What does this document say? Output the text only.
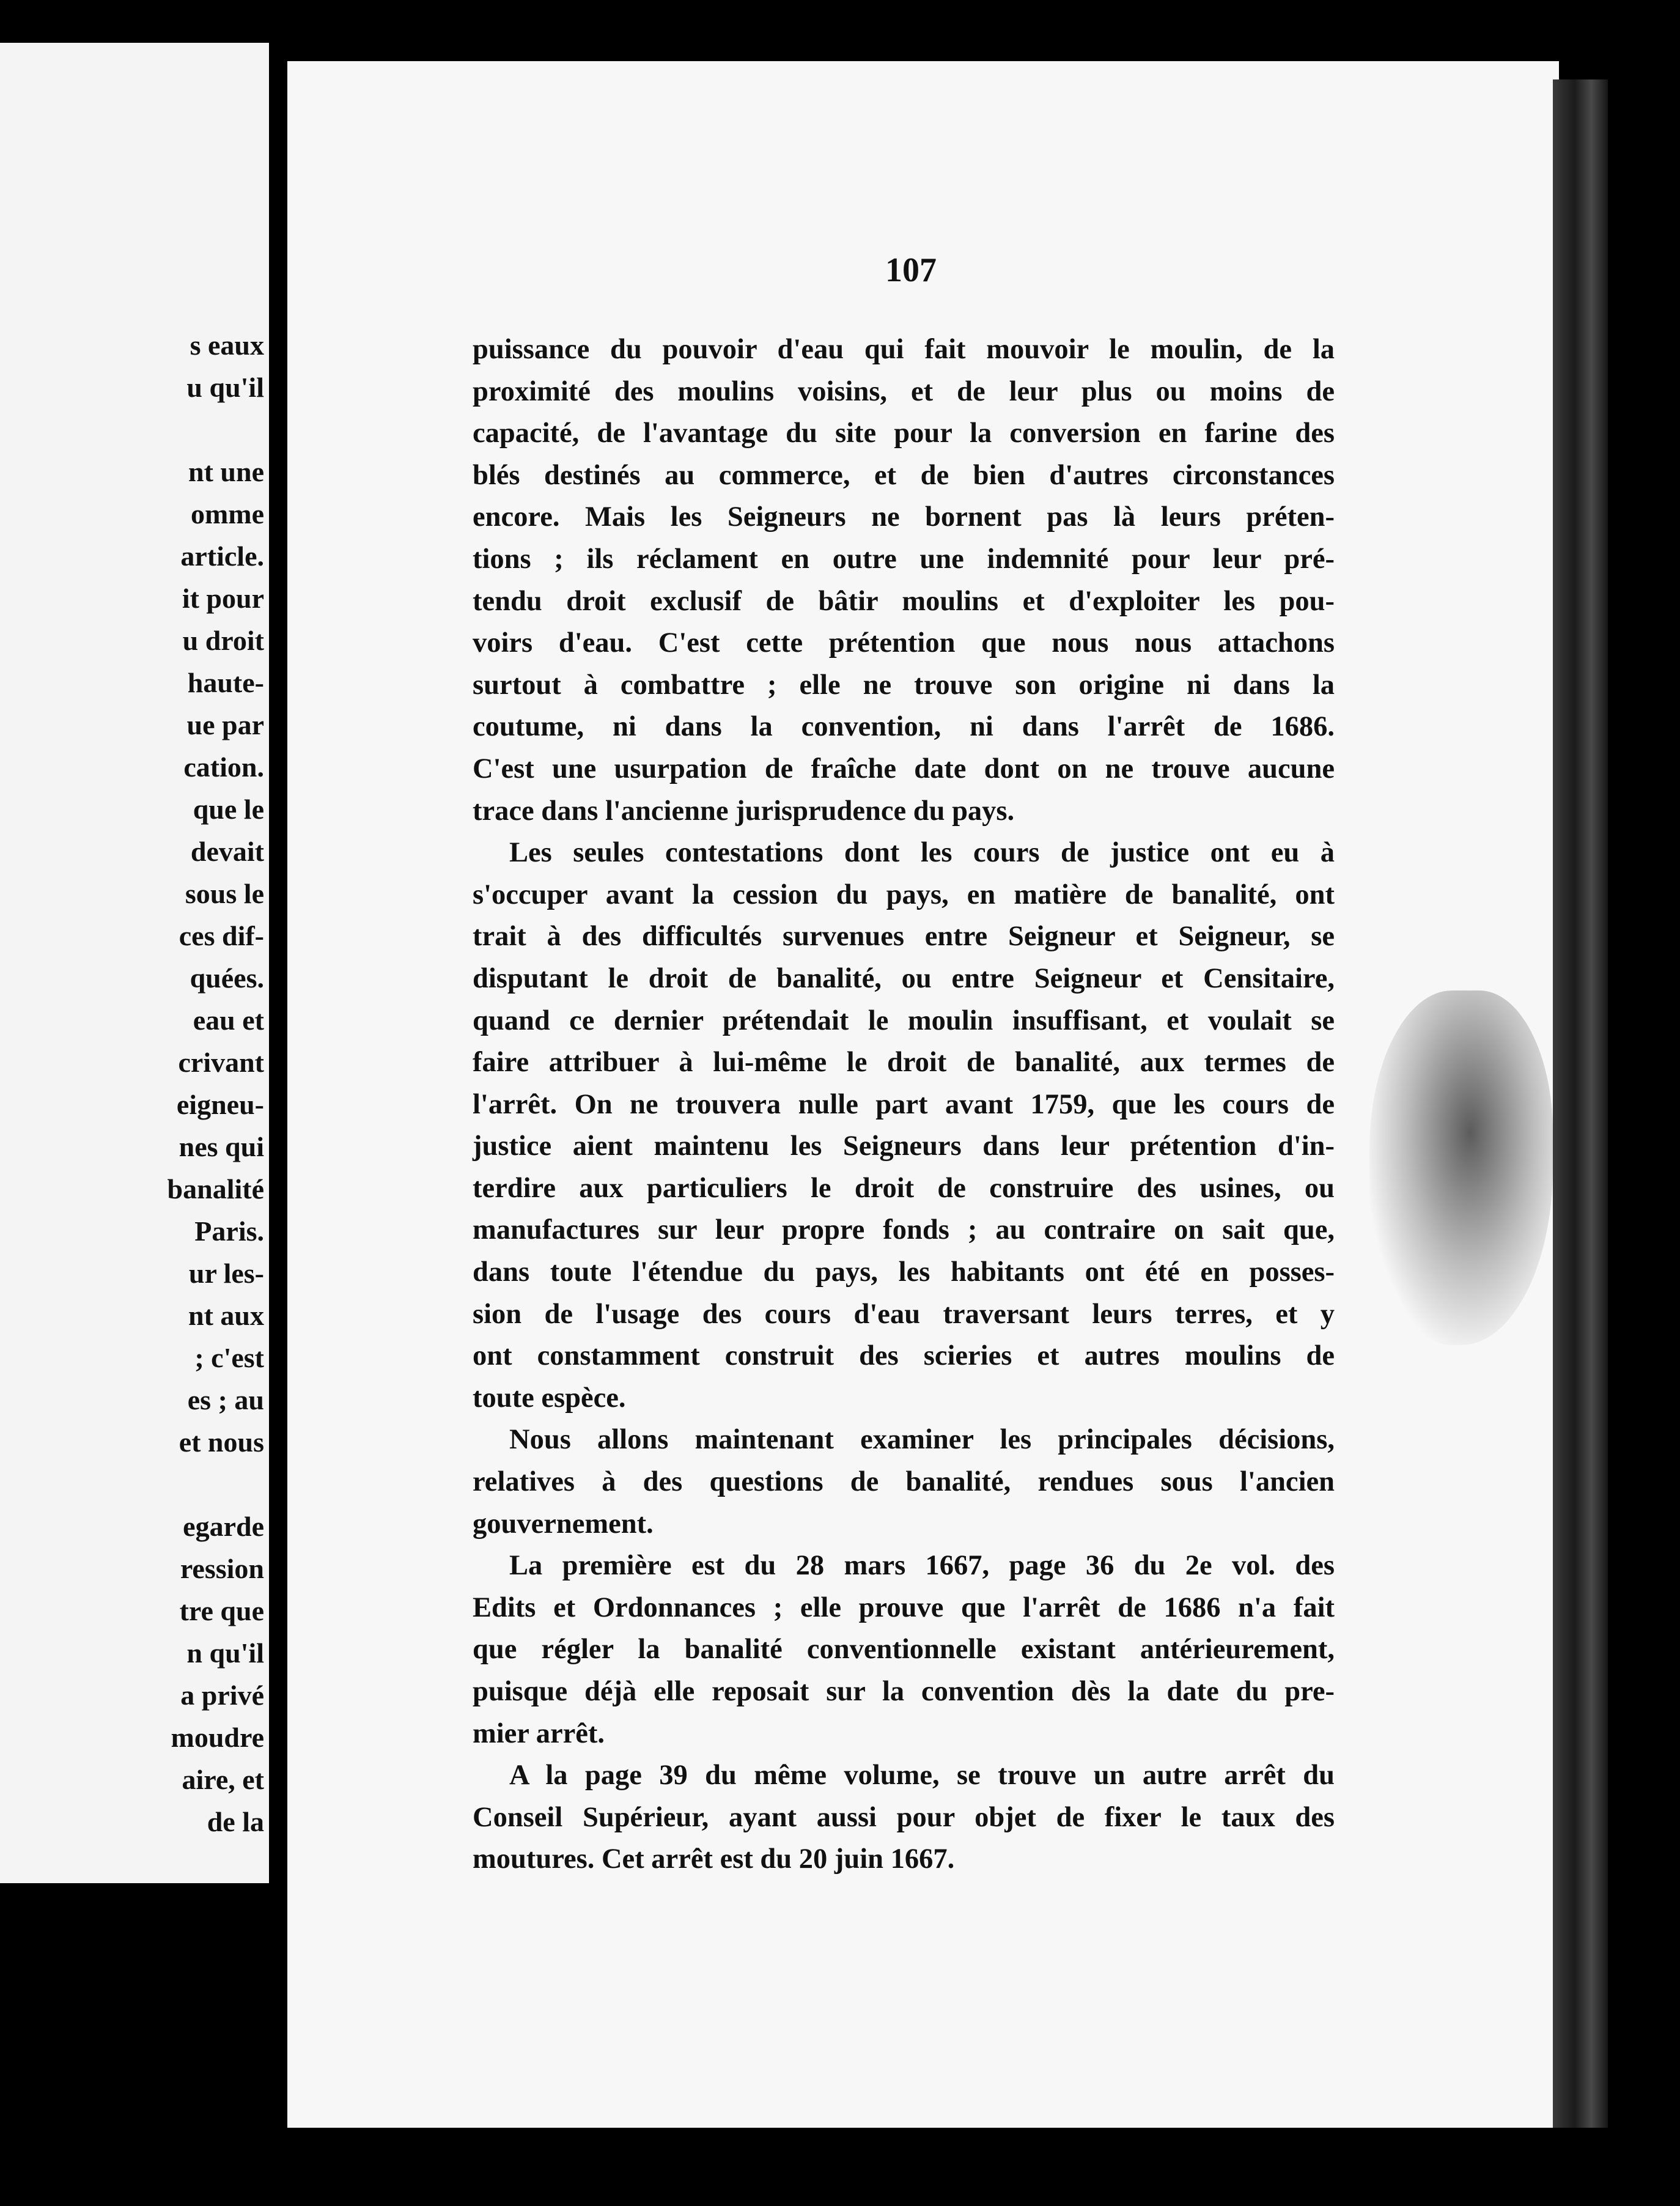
s eaux
u qu'il

nt une
omme
article.
it pour
u droit
haute-
ue par
cation.
que le
devait
sous le
ces dif-
quées.
eau et
crivant
eigneu-
nes qui
banalité
Paris.
ur les-
nt aux
; c'est
es ; au
et nous

egarde
ression
tre que
n qu'il
a privé
moudre
aire, et
de la
107
puissance du pouvoir d'eau qui fait mouvoir le moulin, de la
proximité des moulins voisins, et de leur plus ou moins de
capacité, de l'avantage du site pour la conversion en farine des
blés destinés au commerce, et de bien d'autres circonstances
encore. Mais les Seigneurs ne bornent pas là leurs préten-
tions ; ils réclament en outre une indemnité pour leur pré-
tendu droit exclusif de bâtir moulins et d'exploiter les pou-
voirs d'eau. C'est cette prétention que nous nous attachons
surtout à combattre ; elle ne trouve son origine ni dans la
coutume, ni dans la convention, ni dans l'arrêt de 1686.
C'est une usurpation de fraîche date dont on ne trouve aucune
trace dans l'ancienne jurisprudence du pays.
Les seules contestations dont les cours de justice ont eu à
s'occuper avant la cession du pays, en matière de banalité, ont
trait à des difficultés survenues entre Seigneur et Seigneur, se
disputant le droit de banalité, ou entre Seigneur et Censitaire,
quand ce dernier prétendait le moulin insuffisant, et voulait se
faire attribuer à lui-même le droit de banalité, aux termes de
l'arrêt. On ne trouvera nulle part avant 1759, que les cours de
justice aient maintenu les Seigneurs dans leur prétention d'in-
terdire aux particuliers le droit de construire des usines, ou
manufactures sur leur propre fonds ; au contraire on sait que,
dans toute l'étendue du pays, les habitants ont été en posses-
sion de l'usage des cours d'eau traversant leurs terres, et y
ont constamment construit des scieries et autres moulins de
toute espèce.
Nous allons maintenant examiner les principales décisions,
relatives à des questions de banalité, rendues sous l'ancien
gouvernement.
La première est du 28 mars 1667, page 36 du 2e vol. des
Edits et Ordonnances ; elle prouve que l'arrêt de 1686 n'a fait
que régler la banalité conventionnelle existant antérieurement,
puisque déjà elle reposait sur la convention dès la date du pre-
mier arrêt.
A la page 39 du même volume, se trouve un autre arrêt du
Conseil Supérieur, ayant aussi pour objet de fixer le taux des
moutures. Cet arrêt est du 20 juin 1667.
